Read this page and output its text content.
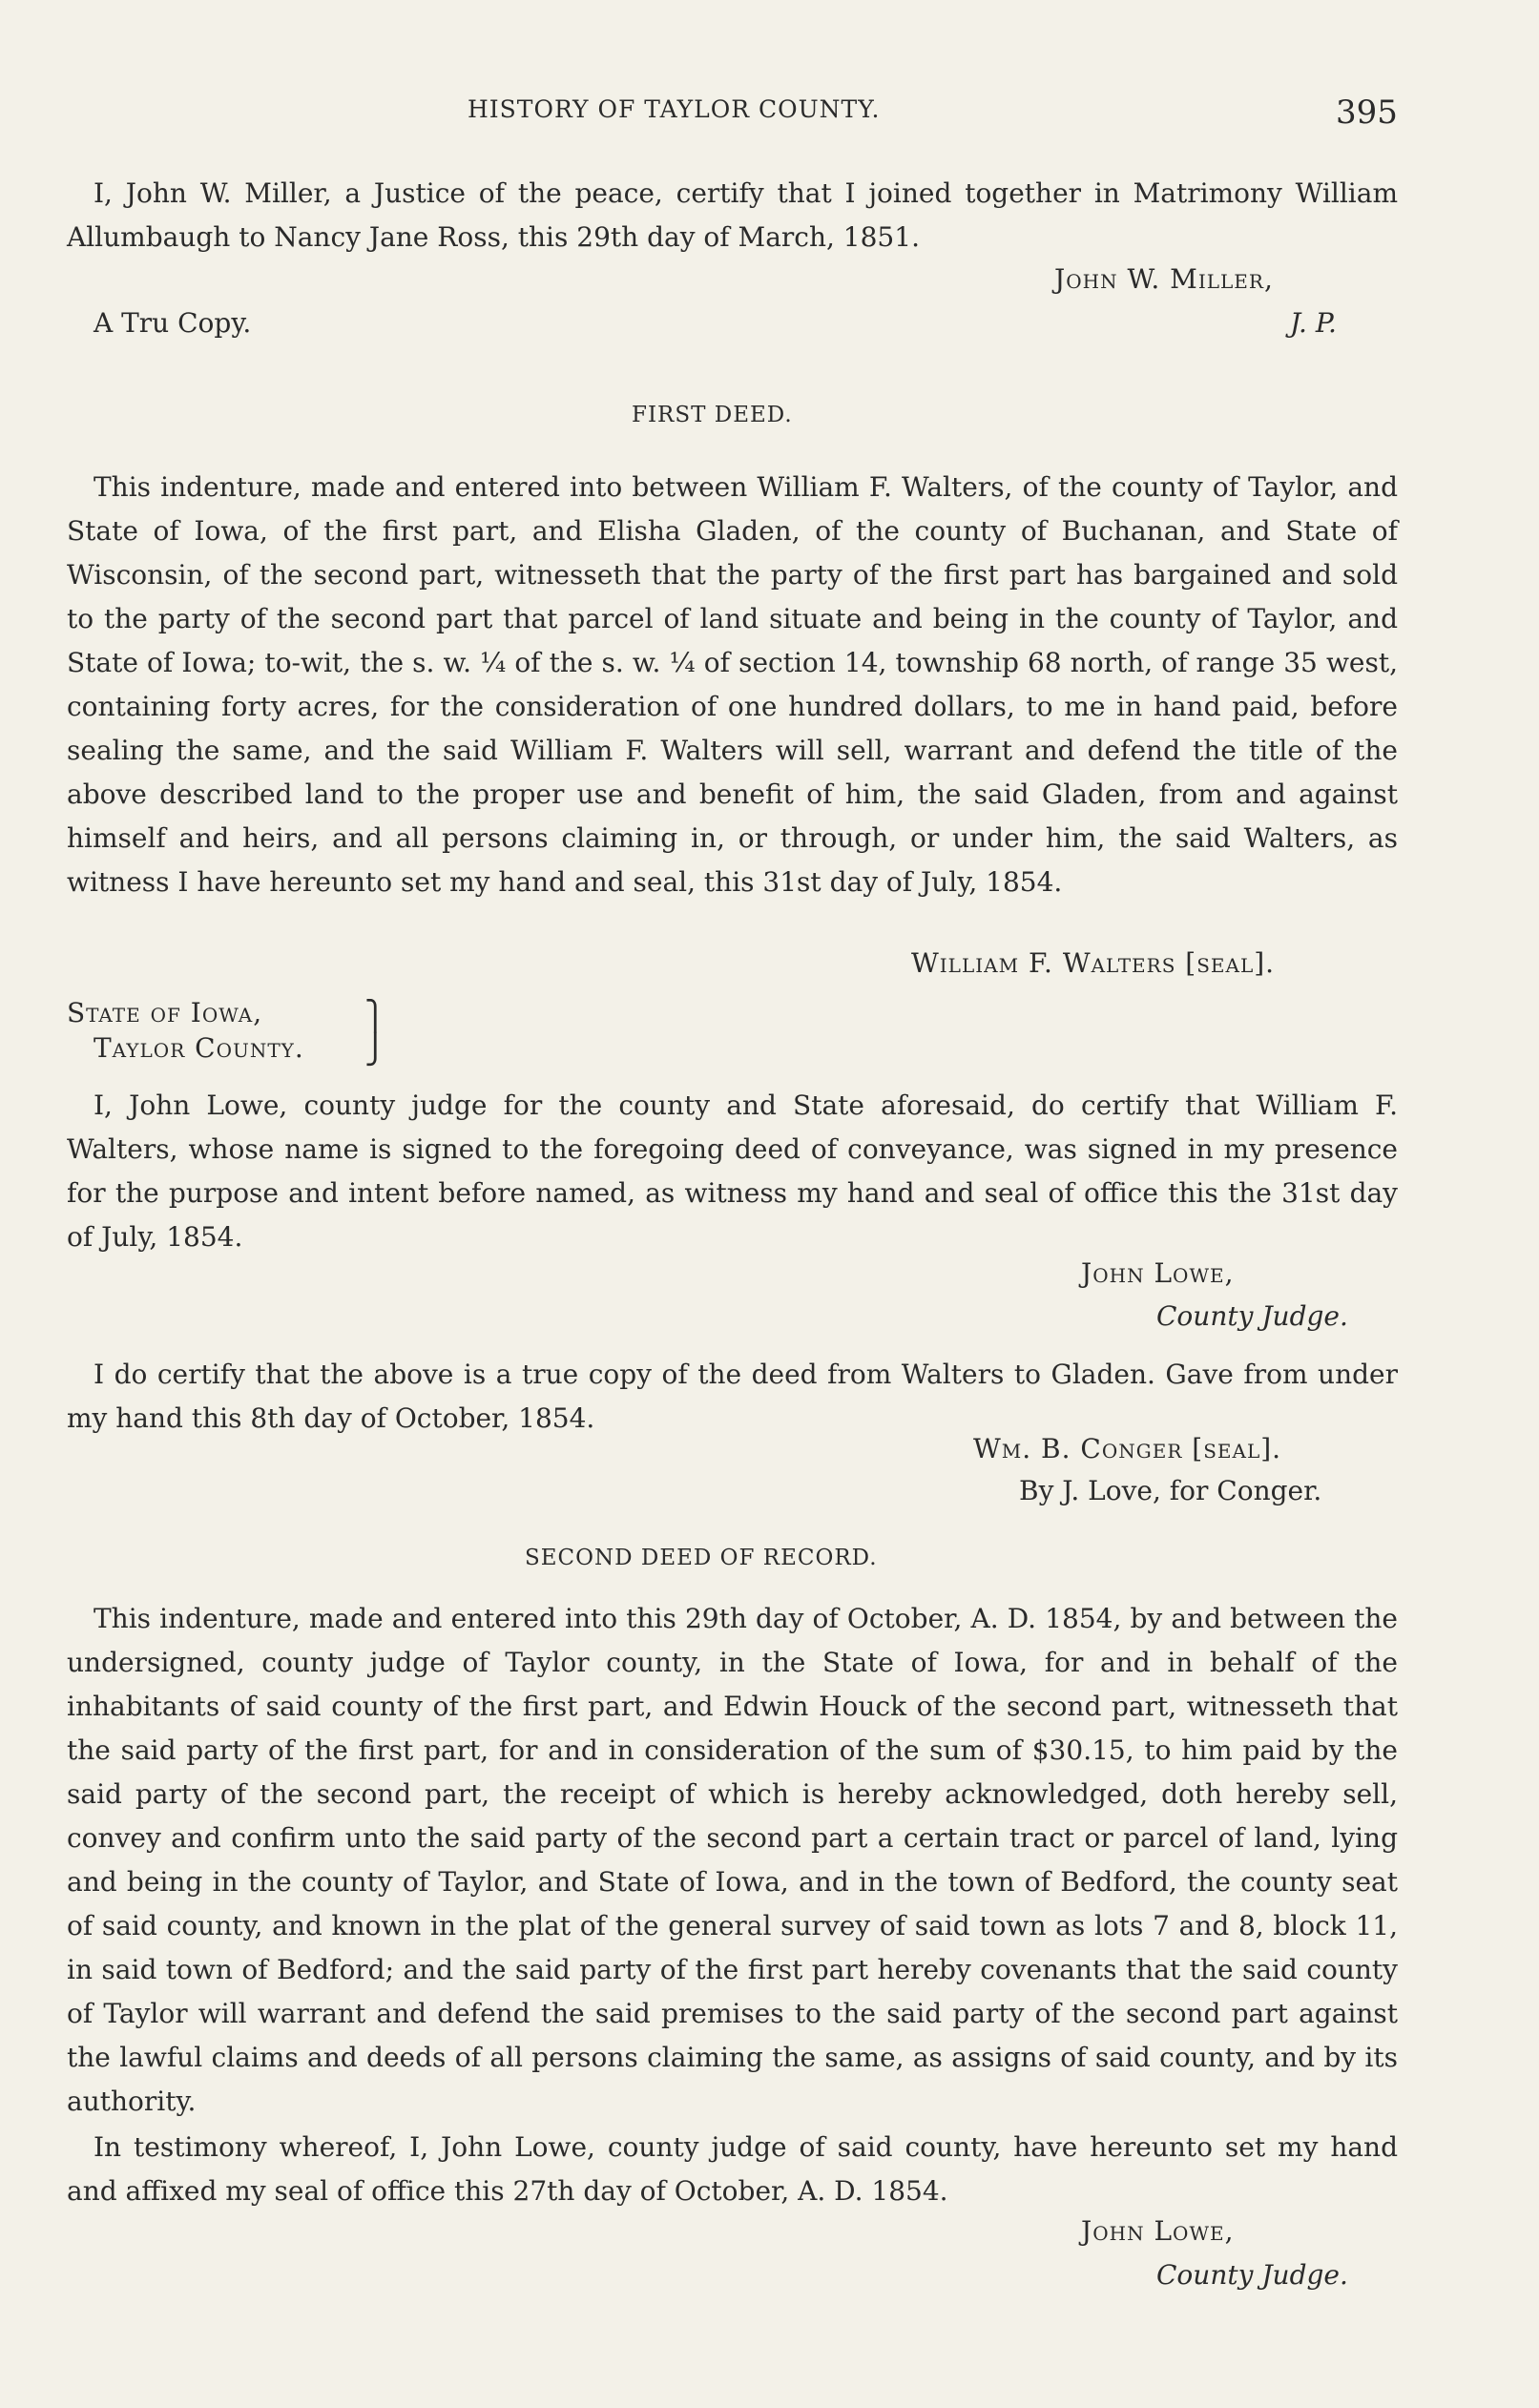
HISTORY OF TAYLOR COUNTY.	395

I, John W. Miller, a Justice of the peace, certify that I joined together in Matrimony William Allumbaugh to Nancy Jane Ross, this 29th day of March, 1851.

John W. Miller,
A Tru Copy.	J. P.
FIRST DEED.

This indenture, made and entered into between William F. Walters, of the county of Taylor, and State of Iowa, of the first part, and Elisha Gladen, of the county of Buchanan, and State of Wisconsin, of the second part, witnesseth that the party of the first part has bargained and sold to the party of the second part that parcel of land situate and being in the county of Taylor, and State of Iowa; to-wit, the s. w. ¼ of the s. w. ¼ of section 14, township 68 north, of range 35 west, containing forty acres, for the consideration of one hundred dollars, to me in hand paid, before sealing the same, and the said William F. Walters will sell, warrant and defend the title of the above described land to the proper use and benefit of him, the said Gladen, from and against himself and heirs, and all persons claiming in, or through, or under him, the said Walters, as witness I have hereunto set my hand and seal, this 31st day of July, 1854.

William F. Walters [seal].
State of Iowa,
Taylor County.
⎫
⎭

I, John Lowe, county judge for the county and State aforesaid, do certify that William F. Walters, whose name is signed to the foregoing deed of conveyance, was signed in my presence for the purpose and intent before named, as witness my hand and seal of office this the 31st day of July, 1854.

John Lowe,
County Judge.

I do certify that the above is a true copy of the deed from Walters to Gladen. Gave from under my hand this 8th day of October, 1854.

Wm. B. Conger [seal].
By J. Love, for Conger.
SECOND DEED OF RECORD.

This indenture, made and entered into this 29th day of October, A. D. 1854, by and between the undersigned, county judge of Taylor county, in the State of Iowa, for and in behalf of the inhabitants of said county of the first part, and Edwin Houck of the second part, witnesseth that the said party of the first part, for and in consideration of the sum of $30.15, to him paid by the said party of the second part, the receipt of which is hereby acknowledged, doth hereby sell, convey and confirm unto the said party of the second part a certain tract or parcel of land, lying and being in the county of Taylor, and State of Iowa, and in the town of Bedford, the county seat of said county, and known in the plat of the general survey of said town as lots 7 and 8, block 11, in said town of Bedford; and the said party of the first part hereby covenants that the said county of Taylor will warrant and defend the said premises to the said party of the second part against the lawful claims and deeds of all persons claiming the same, as assigns of said county, and by its authority.

In testimony whereof, I, John Lowe, county judge of said county, have hereunto set my hand and affixed my seal of office this 27th day of October, A. D. 1854.

John Lowe,
County Judge.
